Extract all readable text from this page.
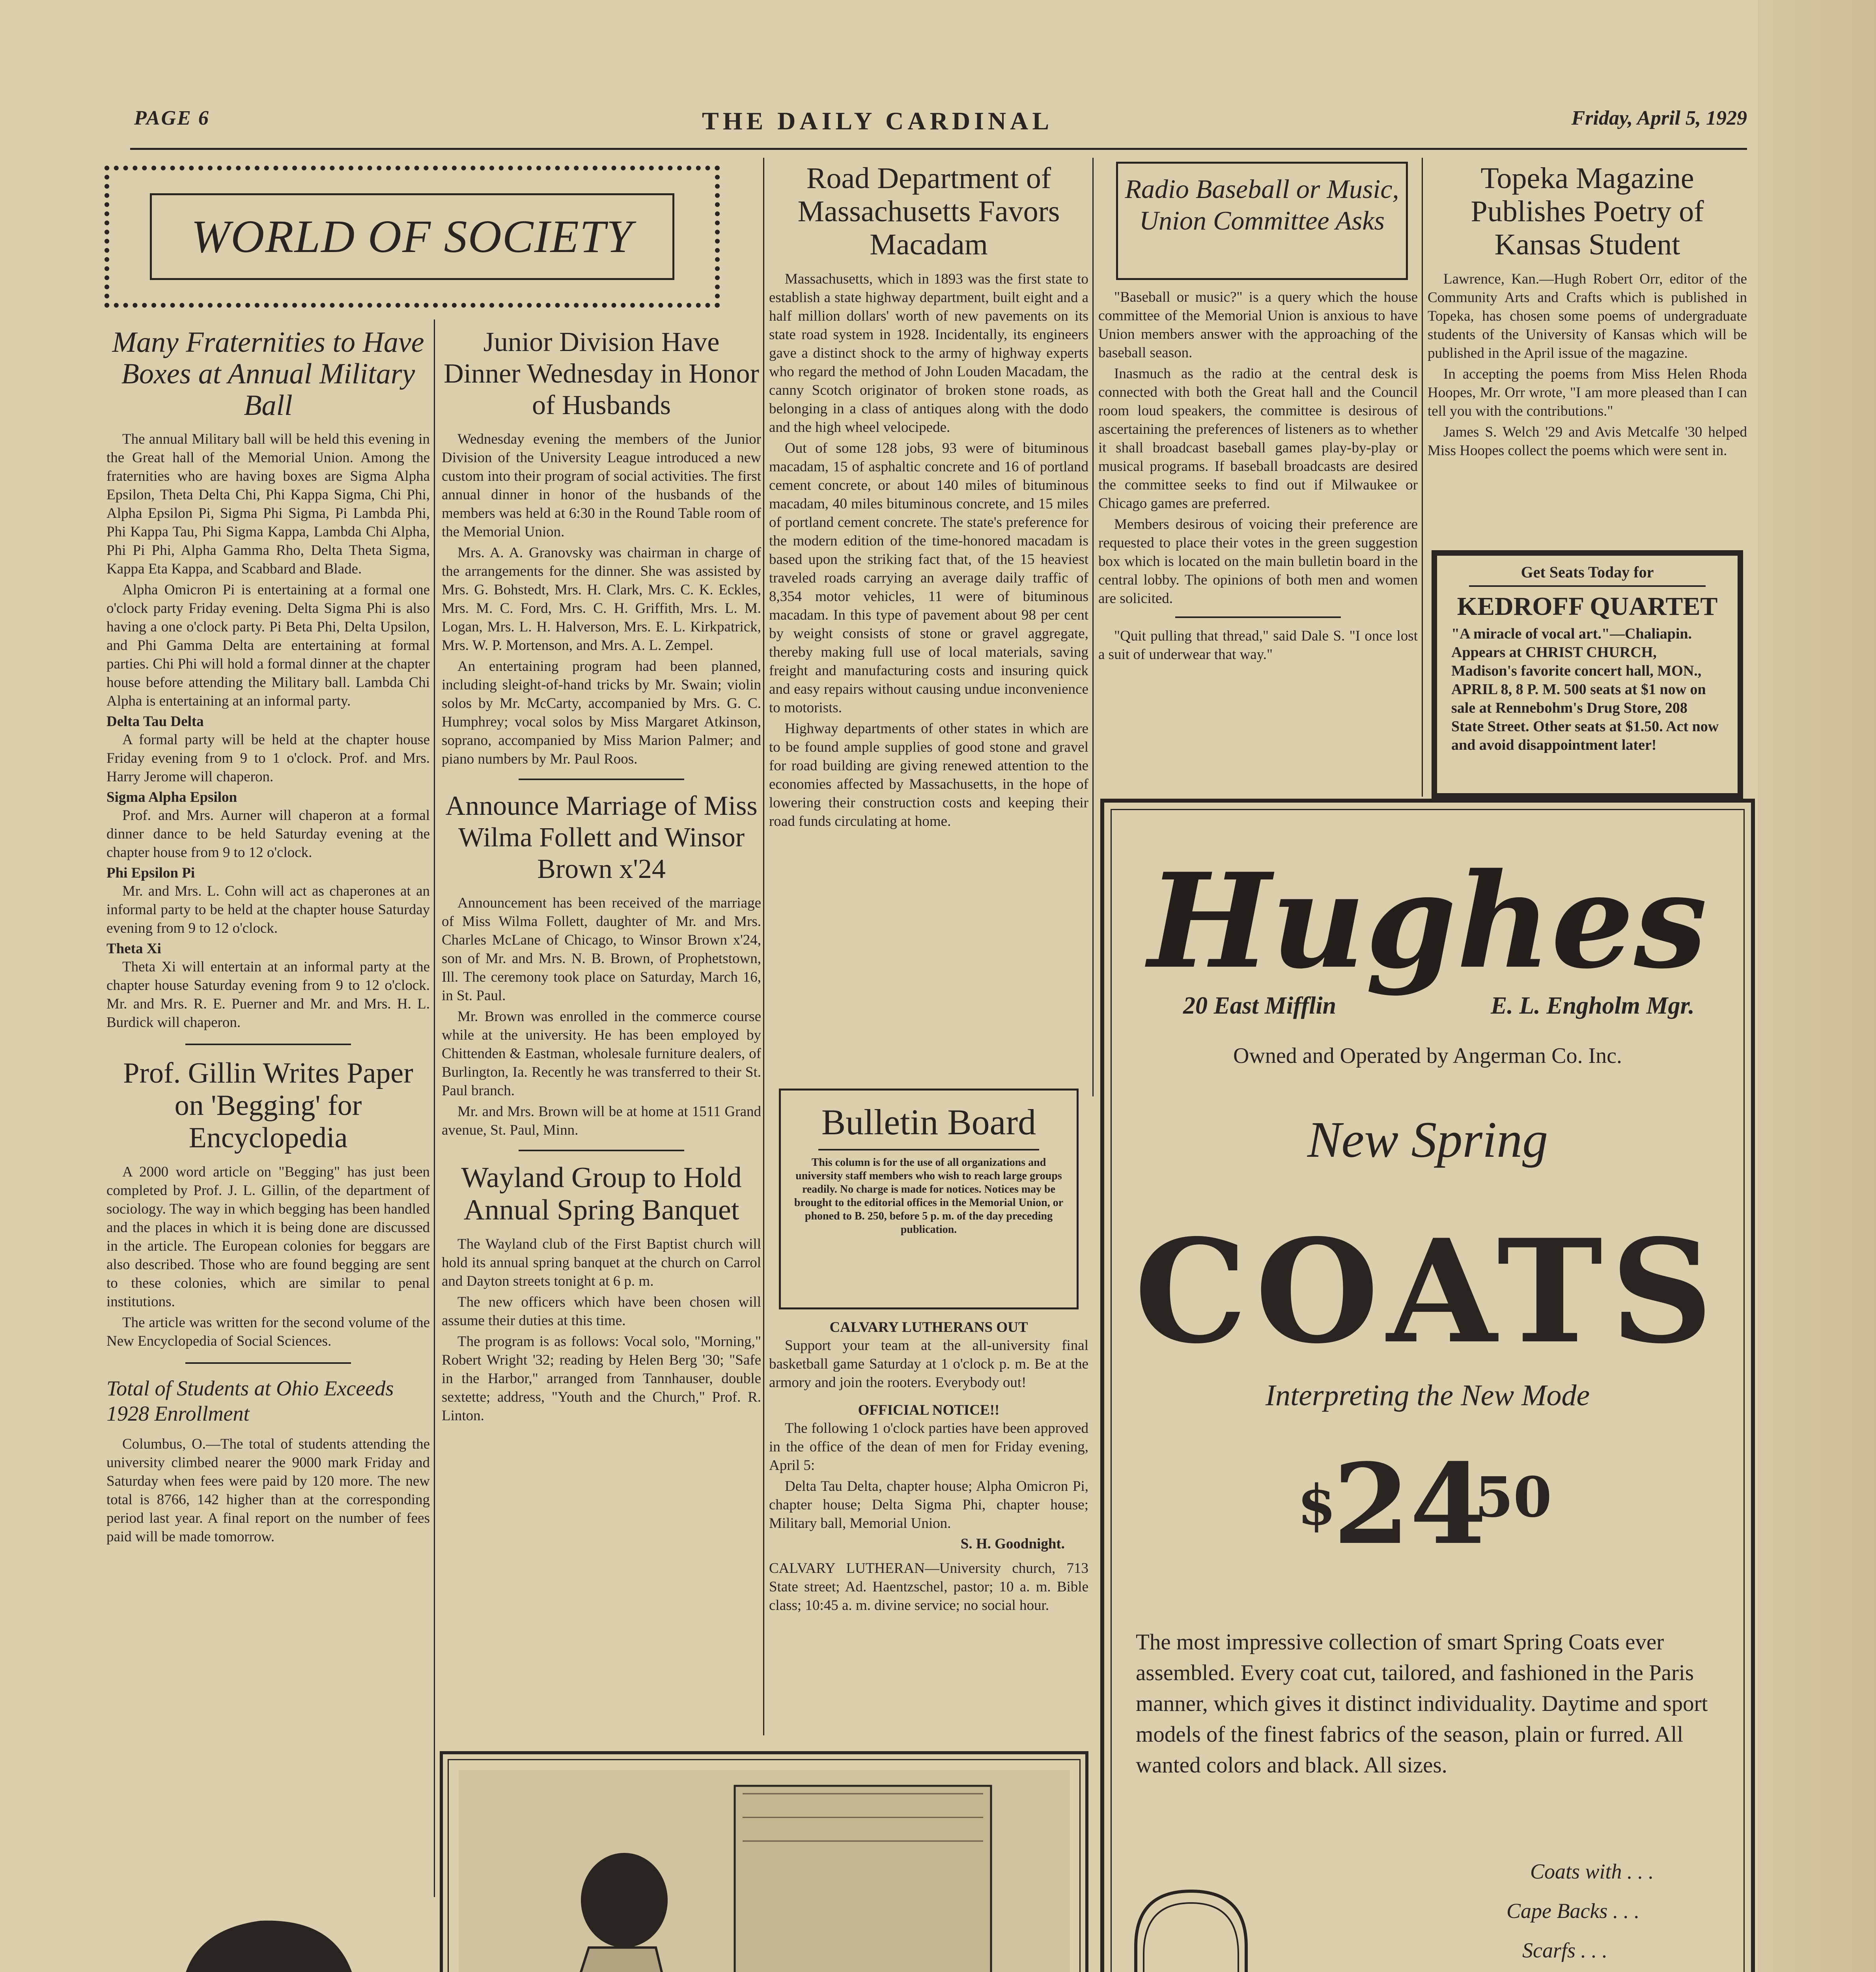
PAGE 6	THE DAILY CARDINAL	Friday, April 5, 1929
WORLD OF SOCIETY
Many Fraternities to Have Boxes at Annual Military Ball

The annual Military ball will be held this evening in the Great hall of the Memorial Union. Among the fraternities who are having boxes are Sigma Alpha Epsilon, Theta Delta Chi, Phi Kappa Sigma, Chi Phi, Alpha Epsilon Pi, Sigma Phi Sigma, Pi Lambda Phi, Phi Kappa Tau, Phi Sigma Kappa, Lambda Chi Alpha, Phi Pi Phi, Alpha Gamma Rho, Delta Theta Sigma, Kappa Eta Kappa, and Scabbard and Blade.

Alpha Omicron Pi is entertaining at a formal one o'clock party Friday evening. Delta Sigma Phi is also having a one o'clock party. Pi Beta Phi, Delta Upsilon, and Phi Gamma Delta are entertaining at formal parties. Chi Phi will hold a formal dinner at the chapter house before attending the Military ball. Lambda Chi Alpha is entertaining at an informal party.

Delta Tau Delta

A formal party will be held at the chapter house Friday evening from 9 to 1 o'clock. Prof. and Mrs. Harry Jerome will chaperon.

Sigma Alpha Epsilon

Prof. and Mrs. Aurner will chaperon at a formal dinner dance to be held Saturday evening at the chapter house from 9 to 12 o'clock.

Phi Epsilon Pi

Mr. and Mrs. L. Cohn will act as chaperones at an informal party to be held at the chapter house Saturday evening from 9 to 12 o'clock.

Theta Xi

Theta Xi will entertain at an informal party at the chapter house Saturday evening from 9 to 12 o'clock. Mr. and Mrs. R. E. Puerner and Mr. and Mrs. H. L. Burdick will chaperon.

Prof. Gillin Writes Paper on 'Begging' for Encyclopedia

A 2000 word article on "Begging" has just been completed by Prof. J. L. Gillin, of the department of sociology. The way in which begging has been handled and the places in which it is being done are discussed in the article. The European colonies for beggars are also described. Those who are found begging are sent to these colonies, which are similar to penal institutions.

The article was written for the second volume of the New Encyclopedia of Social Sciences.

Total of Students at Ohio Exceeds 1928 Enrollment

Columbus, O.—The total of students attending the university climbed nearer the 9000 mark Friday and Saturday when fees were paid by 120 more. The new total is 8766, 142 higher than at the corresponding period last year. A final report on the number of fees paid will be made tomorrow.

Junior Division Have Dinner Wednesday in Honor of Husbands

Wednesday evening the members of the Junior Division of the University League introduced a new custom into their program of social activities. The first annual dinner in honor of the husbands of the members was held at 6:30 in the Round Table room of the Memorial Union.

Mrs. A. A. Granovsky was chairman in charge of the arrangements for the dinner. She was assisted by Mrs. G. Bohstedt, Mrs. H. Clark, Mrs. C. K. Eckles, Mrs. M. C. Ford, Mrs. C. H. Griffith, Mrs. L. M. Logan, Mrs. L. H. Halverson, Mrs. E. L. Kirkpatrick, Mrs. W. P. Mortenson, and Mrs. A. L. Zempel.

An entertaining program had been planned, including sleight-of-hand tricks by Mr. Swain; violin solos by Mr. McCarty, accompanied by Mrs. G. C. Humphrey; vocal solos by Miss Margaret Atkinson, soprano, accompanied by Miss Marion Palmer; and piano numbers by Mr. Paul Roos.

Announce Marriage of Miss Wilma Follett and Winsor Brown x'24

Announcement has been received of the marriage of Miss Wilma Follett, daughter of Mr. and Mrs. Charles McLane of Chicago, to Winsor Brown x'24, son of Mr. and Mrs. N. B. Brown, of Prophetstown, Ill. The ceremony took place on Saturday, March 16, in St. Paul.

Mr. Brown was enrolled in the commerce course while at the university. He has been employed by Chittenden & Eastman, wholesale furniture dealers, of Burlington, Ia. Recently he was transferred to their St. Paul branch.

Mr. and Mrs. Brown will be at home at 1511 Grand avenue, St. Paul, Minn.

Wayland Group to Hold Annual Spring Banquet

The Wayland club of the First Baptist church will hold its annual spring banquet at the church on Carrol and Dayton streets tonight at 6 p. m.

The new officers which have been chosen will assume their duties at this time.

The program is as follows: Vocal solo, "Morning," Robert Wright '32; reading by Helen Berg '30; "Safe in the Harbor," arranged from Tannhauser, double sextette; address, "Youth and the Church," Prof. R. Linton.

Road Department of Massachusetts Favors Macadam

Massachusetts, which in 1893 was the first state to establish a state highway department, built eight and a half million dollars' worth of new pavements on its state road system in 1928. Incidentally, its engineers gave a distinct shock to the army of highway experts who regard the method of John Louden Macadam, the canny Scotch originator of broken stone roads, as belonging in a class of antiques along with the dodo and the high wheel velocipede.

Out of some 128 jobs, 93 were of bituminous macadam, 15 of asphaltic concrete and 16 of portland cement concrete, or about 140 miles of bituminous macadam, 40 miles bituminous concrete, and 15 miles of portland cement concrete. The state's preference for the modern edition of the time-honored macadam is based upon the striking fact that, of the 15 heaviest traveled roads carrying an average daily traffic of 8,354 motor vehicles, 11 were of bituminous macadam. In this type of pavement about 98 per cent by weight consists of stone or gravel aggregate, thereby making full use of local materials, saving freight and manufacturing costs and insuring quick and easy repairs without causing undue inconvenience to motorists.

Highway departments of other states in which are to be found ample supplies of good stone and gravel for road building are giving renewed attention to the economies affected by Massachusetts, in the hope of lowering their construction costs and keeping their road funds circulating at home.

Bulletin Board

This column is for the use of all organizations and university staff members who wish to reach large groups readily. No charge is made for notices. Notices may be brought to the editorial offices in the Memorial Union, or phoned to B. 250, before 5 p. m. of the day preceding publication.

CALVARY LUTHERANS OUT

Support your team at the all-university final basketball game Saturday at 1 o'clock p. m. Be at the armory and join the rooters. Everybody out!

OFFICIAL NOTICE!!

The following 1 o'clock parties have been approved in the office of the dean of men for Friday evening, April 5:

Delta Tau Delta, chapter house; Alpha Omicron Pi, chapter house; Delta Sigma Phi, chapter house; Military ball, Memorial Union.

S. H. Goodnight.

CALVARY LUTHERAN—University church, 713 State street; Ad. Haentzschel, pastor; 10 a. m. Bible class; 10:45 a. m. divine service; no social hour.

Radio Baseball or Music, Union Committee Asks

"Baseball or music?" is a query which the house committee of the Memorial Union is anxious to have Union members answer with the approaching of the baseball season.

Inasmuch as the radio at the central desk is connected with both the Great hall and the Council room loud speakers, the committee is desirous of ascertaining the preferences of listeners as to whether it shall broadcast baseball games play-by-play or musical programs. If baseball broadcasts are desired the committee seeks to find out if Milwaukee or Chicago games are preferred.

Members desirous of voicing their preference are requested to place their votes in the green suggestion box which is located on the main bulletin board in the central lobby. The opinions of both men and women are solicited.

"Quit pulling that thread," said Dale S. "I once lost a suit of underwear that way."

Topeka Magazine Publishes Poetry of Kansas Student

Lawrence, Kan.—Hugh Robert Orr, editor of the Community Arts and Crafts which is published in Topeka, has chosen some poems of undergraduate students of the University of Kansas which will be published in the April issue of the magazine.

In accepting the poems from Miss Helen Rhoda Hoopes, Mr. Orr wrote, "I am more pleased than I can tell you with the contributions."

James S. Welch '29 and Avis Metcalfe '30 helped Miss Hoopes collect the poems which were sent in.

Get Seats Today for
KEDROFF QUARTET
"A miracle of vocal art."—Chaliapin. Appears at CHRIST CHURCH, Madison's favorite concert hall, MON., APRIL 8, 8 P. M. 500 seats at $1 now on sale at Rennebohm's Drug Store, 208 State Street. Other seats at $1.50. Act now and avoid disappointment later!
Hughes
20 East Mifflin	E. L. Engholm Mgr.
Owned and Operated by Angerman Co. Inc.
New Spring
COATS
Interpreting the New Mode
$
24
50
The most impressive collection of smart Spring Coats ever assembled. Every coat cut, tailored, and fashioned in the Paris manner, which gives it distinct individuality. Daytime and sport models of the finest fabrics of the season, plain or furred. All wanted colors and black. All sizes.
Coats with . . .
Cape Backs . . .
Scarfs . . .
